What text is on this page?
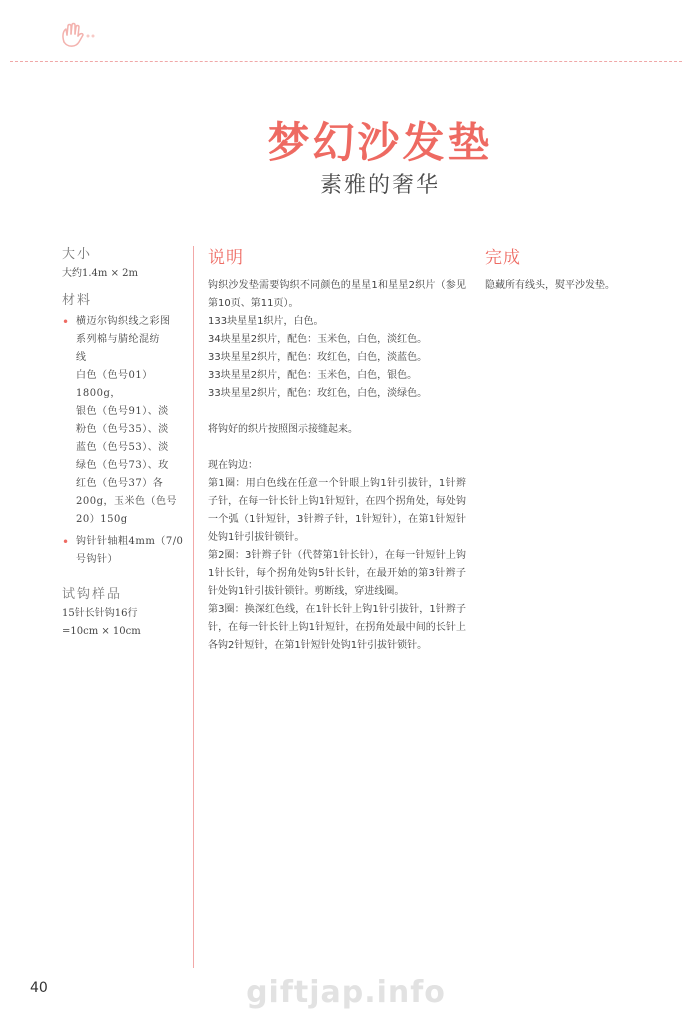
梦幻沙发垫
素雅的奢华
大小
大约1.4m × 2m
材料
• 横迈尔钩织线之彩图
系列棉与腈纶混纺
线
白色（色号01）1800g，
银色（色号91）、淡
粉色（色号35）、淡
蓝色（色号53）、淡
绿色（色号73）、玫
红色（色号37）各
200g，玉米色（色号
20）150g
• 钩针针轴粗4mm（7/0
号钩针）
试钩样品
15针长针钩16行
=10cm × 10cm
说明

钩织沙发垫需要钩织不同颜色的星星1和星星2织片（参见第10页、第11页）。

133块星星1织片，白色。

34块星星2织片，配色：玉米色，白色，淡红色。

33块星星2织片，配色：玫红色，白色，淡蓝色。

33块星星2织片，配色：玉米色，白色，银色。

33块星星2织片，配色：玫红色，白色，淡绿色。

将钩好的织片按照图示接缝起来。

现在钩边：

第1圈：用白色线在任意一个针眼上钩1针引拔针，1针辫子针，在每一针长针上钩1针短针，在四个拐角处，每处钩一个弧（1针短针，3针辫子针，1针短针），在第1针短针处钩1针引拔针锁针。

第2圈：3针辫子针（代替第1针长针），在每一针短针上钩1针长针，每个拐角处钩5针长针，在最开始的第3针辫子针处钩1针引拔针锁针。剪断线，穿进线圈。

第3圈：换深红色线，在1针长针上钩1针引拔针，1针辫子针，在每一针长针上钩1针短针，在拐角处最中间的长针上各钩2针短针，在第1针短针处钩1针引拔针锁针。

完成

隐藏所有线头，熨平沙发垫。

40	giftjap.info
